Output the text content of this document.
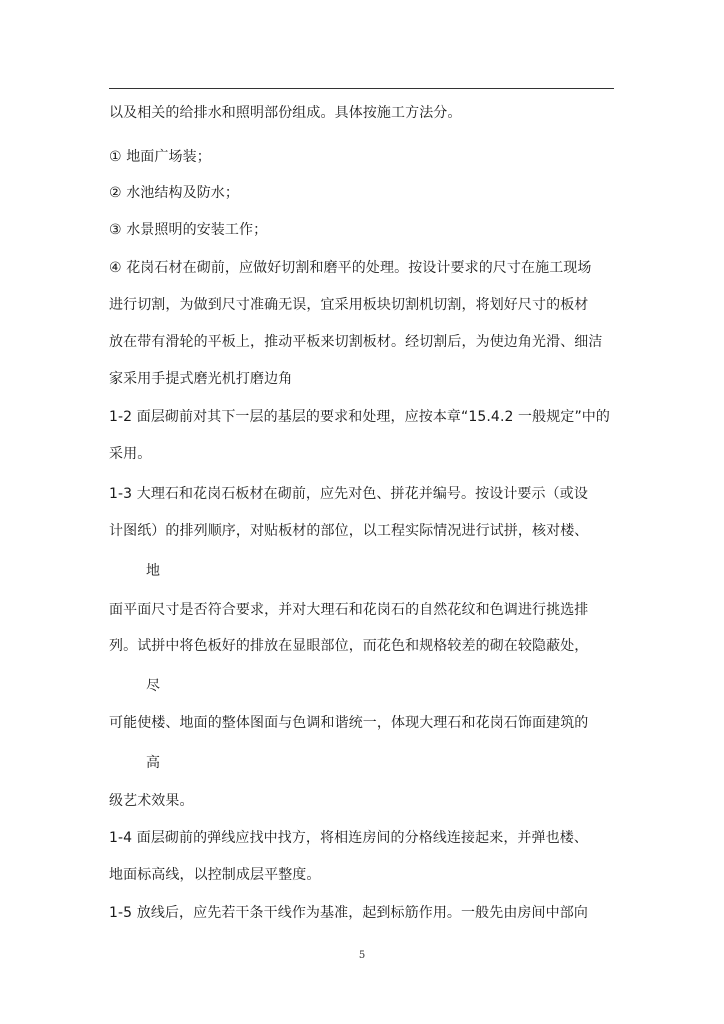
以及相关的给排水和照明部份组成。具体按施工方法分。
① 地面广场装；
② 水池结构及防水；
③ 水景照明的安装工作；
④ 花岗石材在砌前，应做好切割和磨平的处理。按设计要求的尺寸在施工现场
进行切割，为做到尺寸准确无误，宜采用板块切割机切割，将划好尺寸的板材
放在带有滑轮的平板上，推动平板来切割板材。经切割后，为使边角光滑、细洁
家采用手提式磨光机打磨边角
1-2 面层砌前对其下一层的基层的要求和处理，应按本章“15.4.2 一般规定”中的
采用。
1-3 大理石和花岗石板材在砌前，应先对色、拼花并编号。按设计要示（或设
计图纸）的排列顺序，对贴板材的部位，以工程实际情况进行试拼，核对楼、
地
面平面尺寸是否符合要求，并对大理石和花岗石的自然花纹和色调进行挑选排
列。试拼中将色板好的排放在显眼部位，而花色和规格较差的砌在较隐蔽处，
尽
可能使楼、地面的整体图面与色调和谐统一，体现大理石和花岗石饰面建筑的
高
级艺术效果。
1-4 面层砌前的弹线应找中找方，将相连房间的分格线连接起来，并弹也楼、
地面标高线，以控制成层平整度。
1-5 放线后，应先若干条干线作为基准，起到标筋作用。一般先由房间中部向
5
